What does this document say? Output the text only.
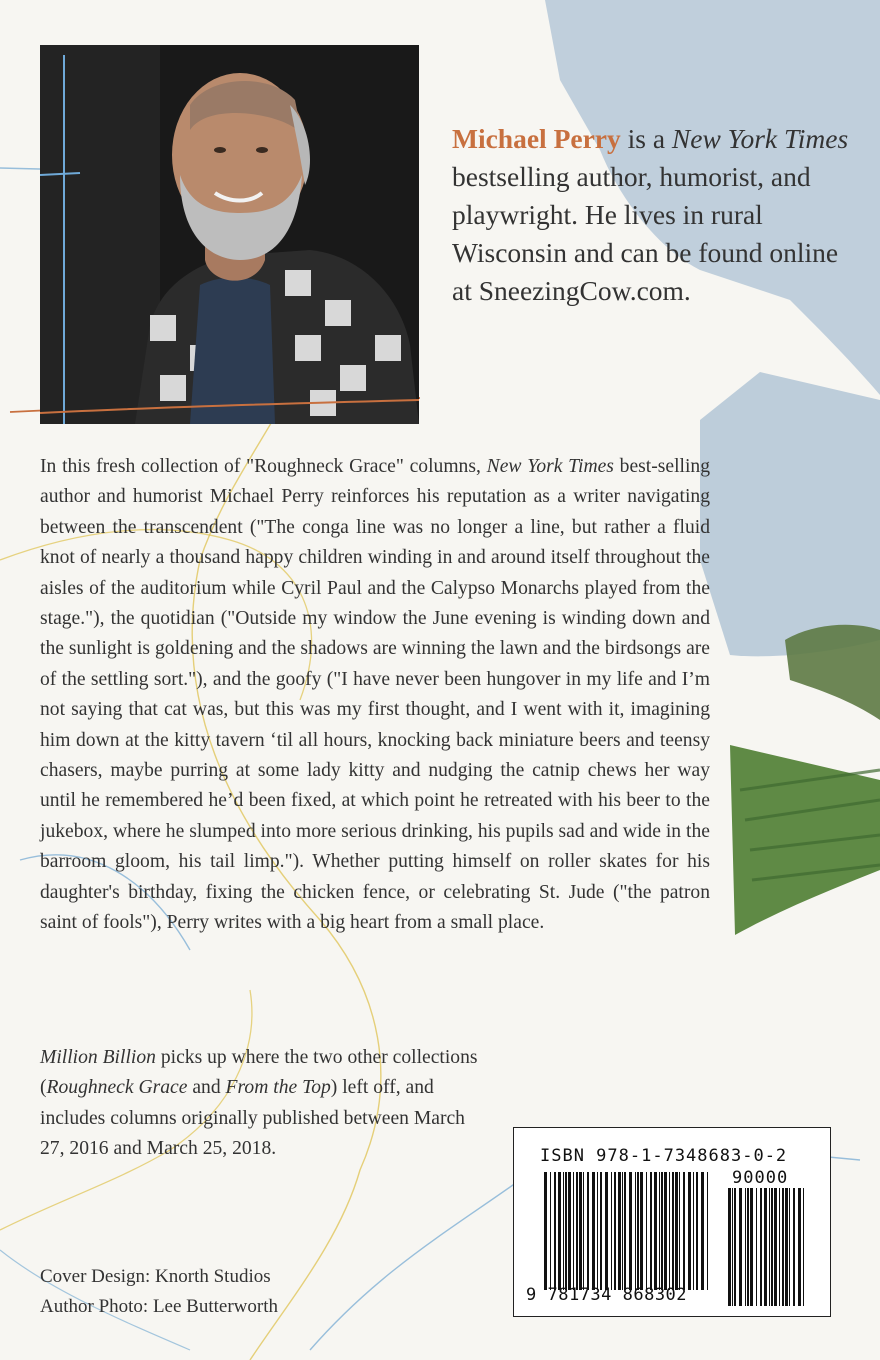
Michael Perry is a New York Times bestselling author, humorist, and playwright. He lives in rural Wisconsin and can be found online at SneezingCow.com.

In this fresh collection of "Roughneck Grace" columns, New York Times best-selling author and humorist Michael Perry reinforces his reputation as a writer navigating between the transcendent ("The conga line was no longer a line, but rather a fluid knot of nearly a thousand happy children winding in and around itself throughout the aisles of the auditorium while Cyril Paul and the Calypso Monarchs played from the stage."), the quotidian ("Outside my window the June evening is winding down and the sunlight is goldening and the shadows are winning the lawn and the birdsongs are of the settling sort."), and the goofy ("I have never been hungover in my life and I’m not saying that cat was, but this was my first thought, and I went with it, imagining him down at the kitty tavern ‘til all hours, knocking back miniature beers and teensy chasers, maybe purring at some lady kitty and nudging the catnip chews her way until he remembered he’d been fixed, at which point he retreated with his beer to the jukebox, where he slumped into more serious drinking, his pupils sad and wide in the barroom gloom, his tail limp."). Whether putting himself on roller skates for his daughter's birthday, fixing the chicken fence, or celebrating St. Jude ("the patron saint of fools"), Perry writes with a big heart from a small place.

Million Billion picks up where the two other collections (Roughneck Grace and From the Top) left off, and includes columns originally published between March 27, 2016 and March 25, 2018.

Cover Design: Knorth Studios
Author Photo: Lee Butterworth
ISBN 978-1-7348683-0-2
90000
9 781734 868302
